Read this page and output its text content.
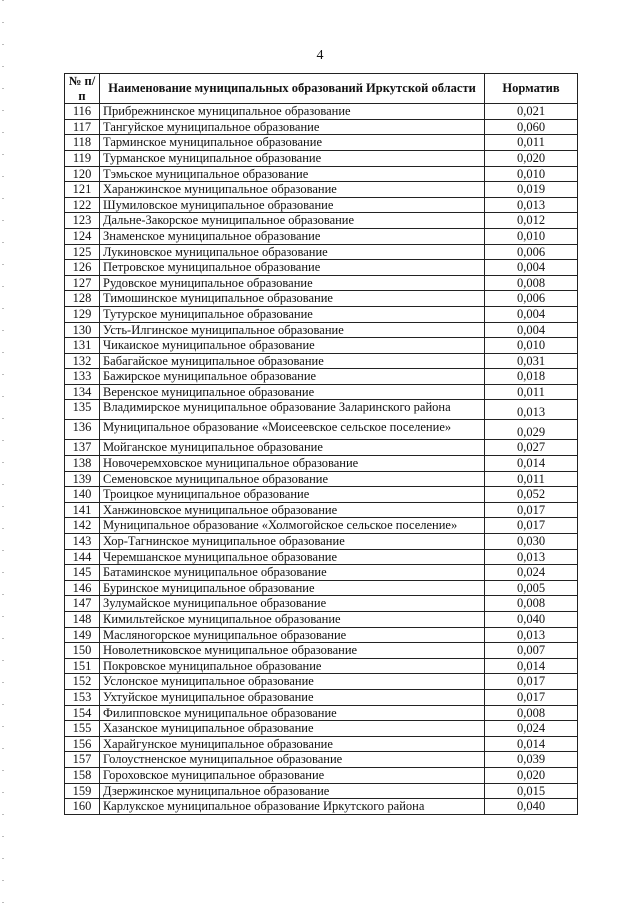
4
№ п/п	Наименование муниципальных образований Иркутской области	Норматив
116	Прибрежнинское муниципальное образование	0,021
117	Тангуйское муниципальное образование	0,060
118	Тарминское муниципальное образование	0,011
119	Турманское муниципальное образование	0,020
120	Тэмьское муниципальное образование	0,010
121	Харанжинское муниципальное образование	0,019
122	Шумиловское муниципальное образование	0,013
123	Дальне-Закорское муниципальное образование	0,012
124	Знаменское муниципальное образование	0,010
125	Лукиновское муниципальное образование	0,006
126	Петровское муниципальное образование	0,004
127	Рудовское муниципальное образование	0,008
128	Тимошинское муниципальное образование	0,006
129	Тутурское муниципальное образование	0,004
130	Усть-Илгинское муниципальное образование	0,004
131	Чикаиское муниципальное образование	0,010
132	Бабагайское муниципальное образование	0,031
133	Бажирское муниципальное образование	0,018
134	Веренское муниципальное образование	0,011
135	Владимирское муниципальное образование Заларинского района	0,013
136	Муниципальное образование «Моисеевское сельское поселение»	0,029
137	Мойганское муниципальное образование	0,027
138	Новочеремховское муниципальное образование	0,014
139	Семеновское муниципальное образование	0,011
140	Троицкое муниципальное образование	0,052
141	Ханжиновское муниципальное образование	0,017
142	Муниципальное образование «Холмогойское сельское поселение»	0,017
143	Хор-Тагнинское муниципальное образование	0,030
144	Черемшанское муниципальное образование	0,013
145	Батаминское муниципальное образование	0,024
146	Буринское муниципальное образование	0,005
147	Зулумайское муниципальное образование	0,008
148	Кимильтейское муниципальное образование	0,040
149	Масляногорское муниципальное образование	0,013
150	Новолетниковское муниципальное образование	0,007
151	Покровское муниципальное образование	0,014
152	Услонское муниципальное образование	0,017
153	Ухтуйское муниципальное образование	0,017
154	Филипповское муниципальное образование	0,008
155	Хазанское муниципальное образование	0,024
156	Харайгунское муниципальное образование	0,014
157	Голоустненское муниципальное образование	0,039
158	Гороховское муниципальное образование	0,020
159	Дзержинское муниципальное образование	0,015
160	Карлукское муниципальное образование Иркутского района	0,040
